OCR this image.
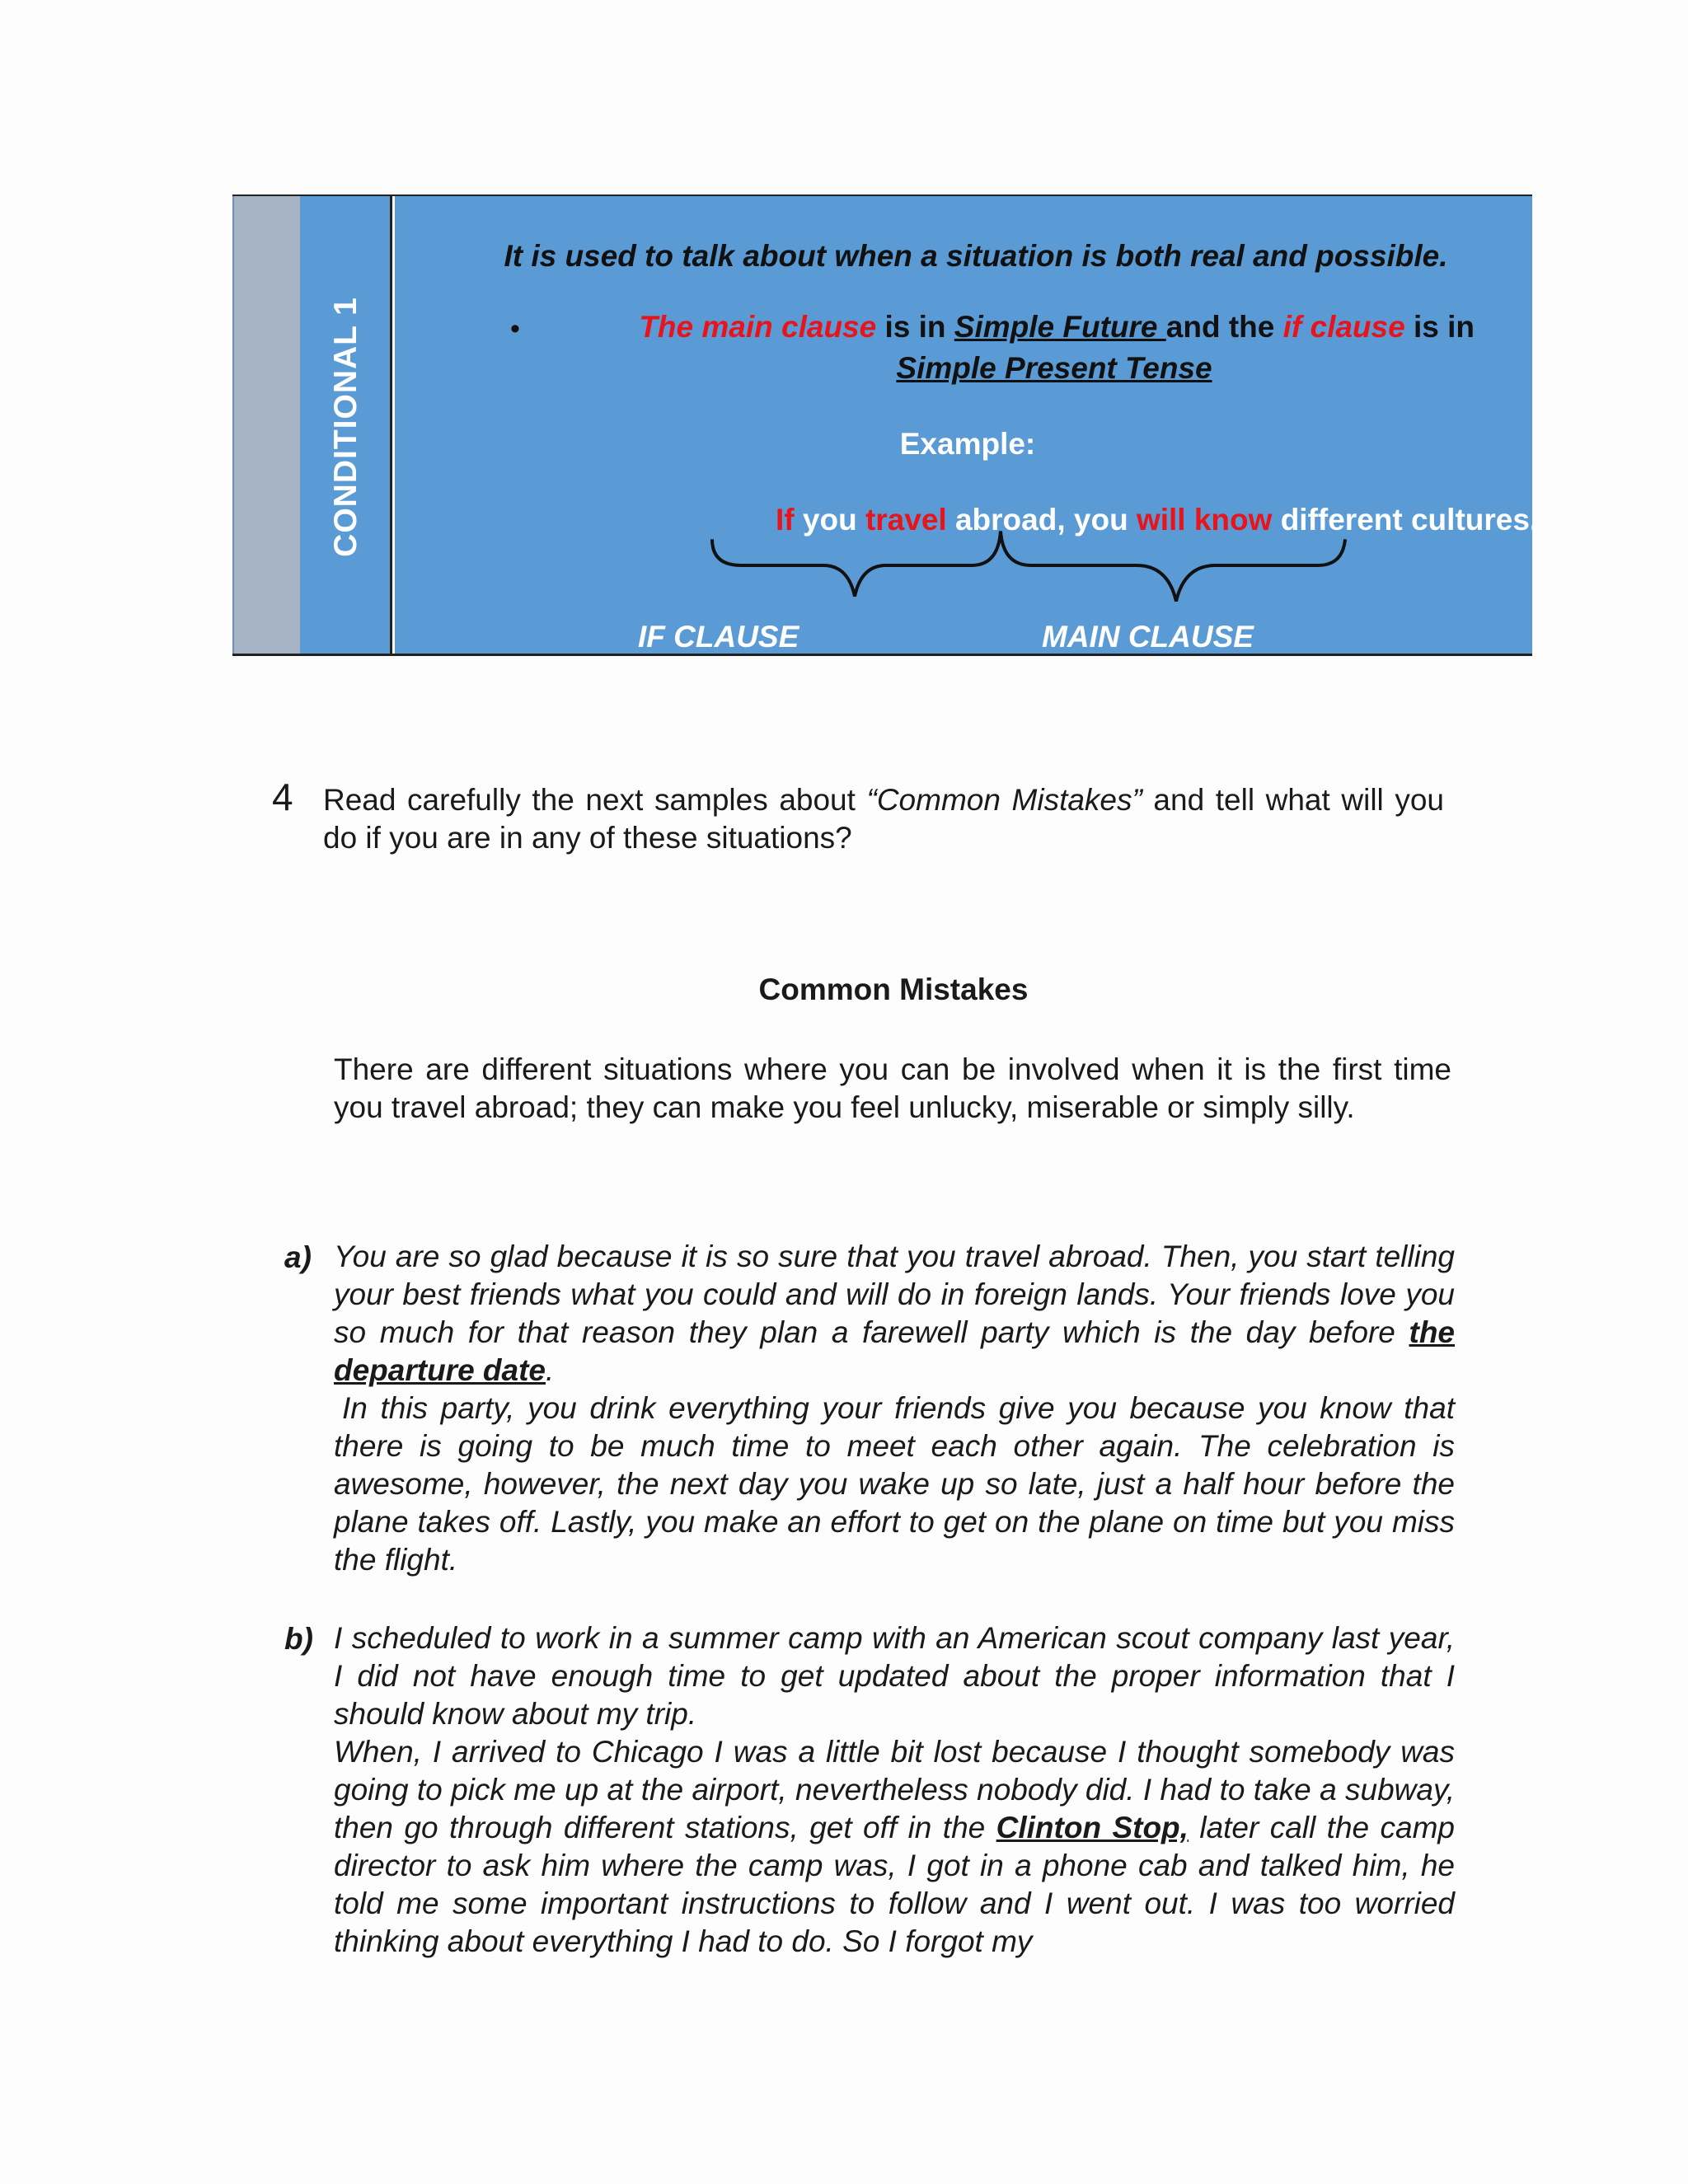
CONDITIONAL 1
It is used to talk about when a situation is both real and possible.
•	The main clause is in Simple Future and the if clause is in
Simple Present Tense
Example:
If you travel abroad, you will know different cultures.
IF CLAUSE	MAIN CLAUSE
4 Read carefully the next samples about “Common Mistakes” and tell what will you do if you are in any of these situations?
Common Mistakes
There are different situations where you can be involved when it is the first time you travel abroad; they can make you feel unlucky, miserable or simply silly.
a) You are so glad because it is so sure that you travel abroad. Then, you start telling your best friends what you could and will do in foreign lands. Your friends love you so much for that reason they plan a farewell party which is the day before the departure date.

In this party, you drink everything your friends give you because you know that there is going to be much time to meet each other again. The celebration is awesome, however, the next day you wake up so late, just a half hour before the plane takes off. Lastly, you make an effort to get on the plane on time but you miss the flight.

b) I scheduled to work in a summer camp with an American scout company last year, I did not have enough time to get updated about the proper information that I should know about my trip.

When, I arrived to Chicago I was a little bit lost because I thought somebody was going to pick me up at the airport, nevertheless nobody did. I had to take a subway, then go through different stations, get off in the Clinton Stop, later call the camp director to ask him where the camp was, I got in a phone cab and talked him, he told me some important instructions to follow and I went out. I was too worried thinking about everything I had to do. So I forgot my
